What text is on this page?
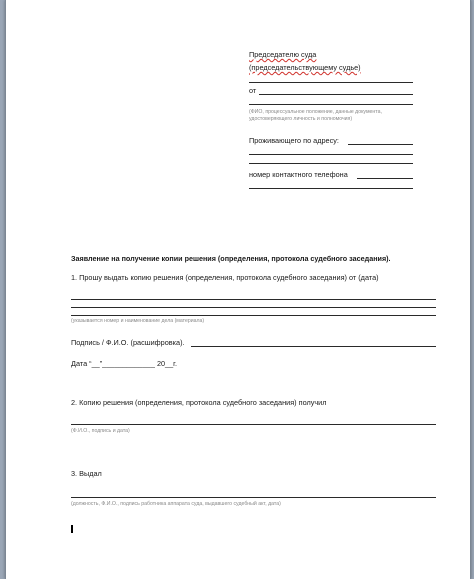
Председателю суда
(председательствующему судье)
от
(ФИО, процессуальное положение, данные документа, удостоверяющего личность и полномочия)
Проживающего по адресу:
номер контактного телефона
Заявление на получение копии решения (определения, протокола судебного заседания).
1. Прошу выдать копию решения (определения, протокола судебного заседания) от (дата)
(указывается номер и наименование дела (материала)
Подпись / Ф.И.О. (расшифровка).
Дата “__”_____________ 20__г.
2. Копию решения (определения, протокола судебного заседания) получил
(Ф.И.О., подпись и дата)
3. Выдал
(должность, Ф.И.О., подпись работника аппарата суда, выдавшего судебный акт, дата)
